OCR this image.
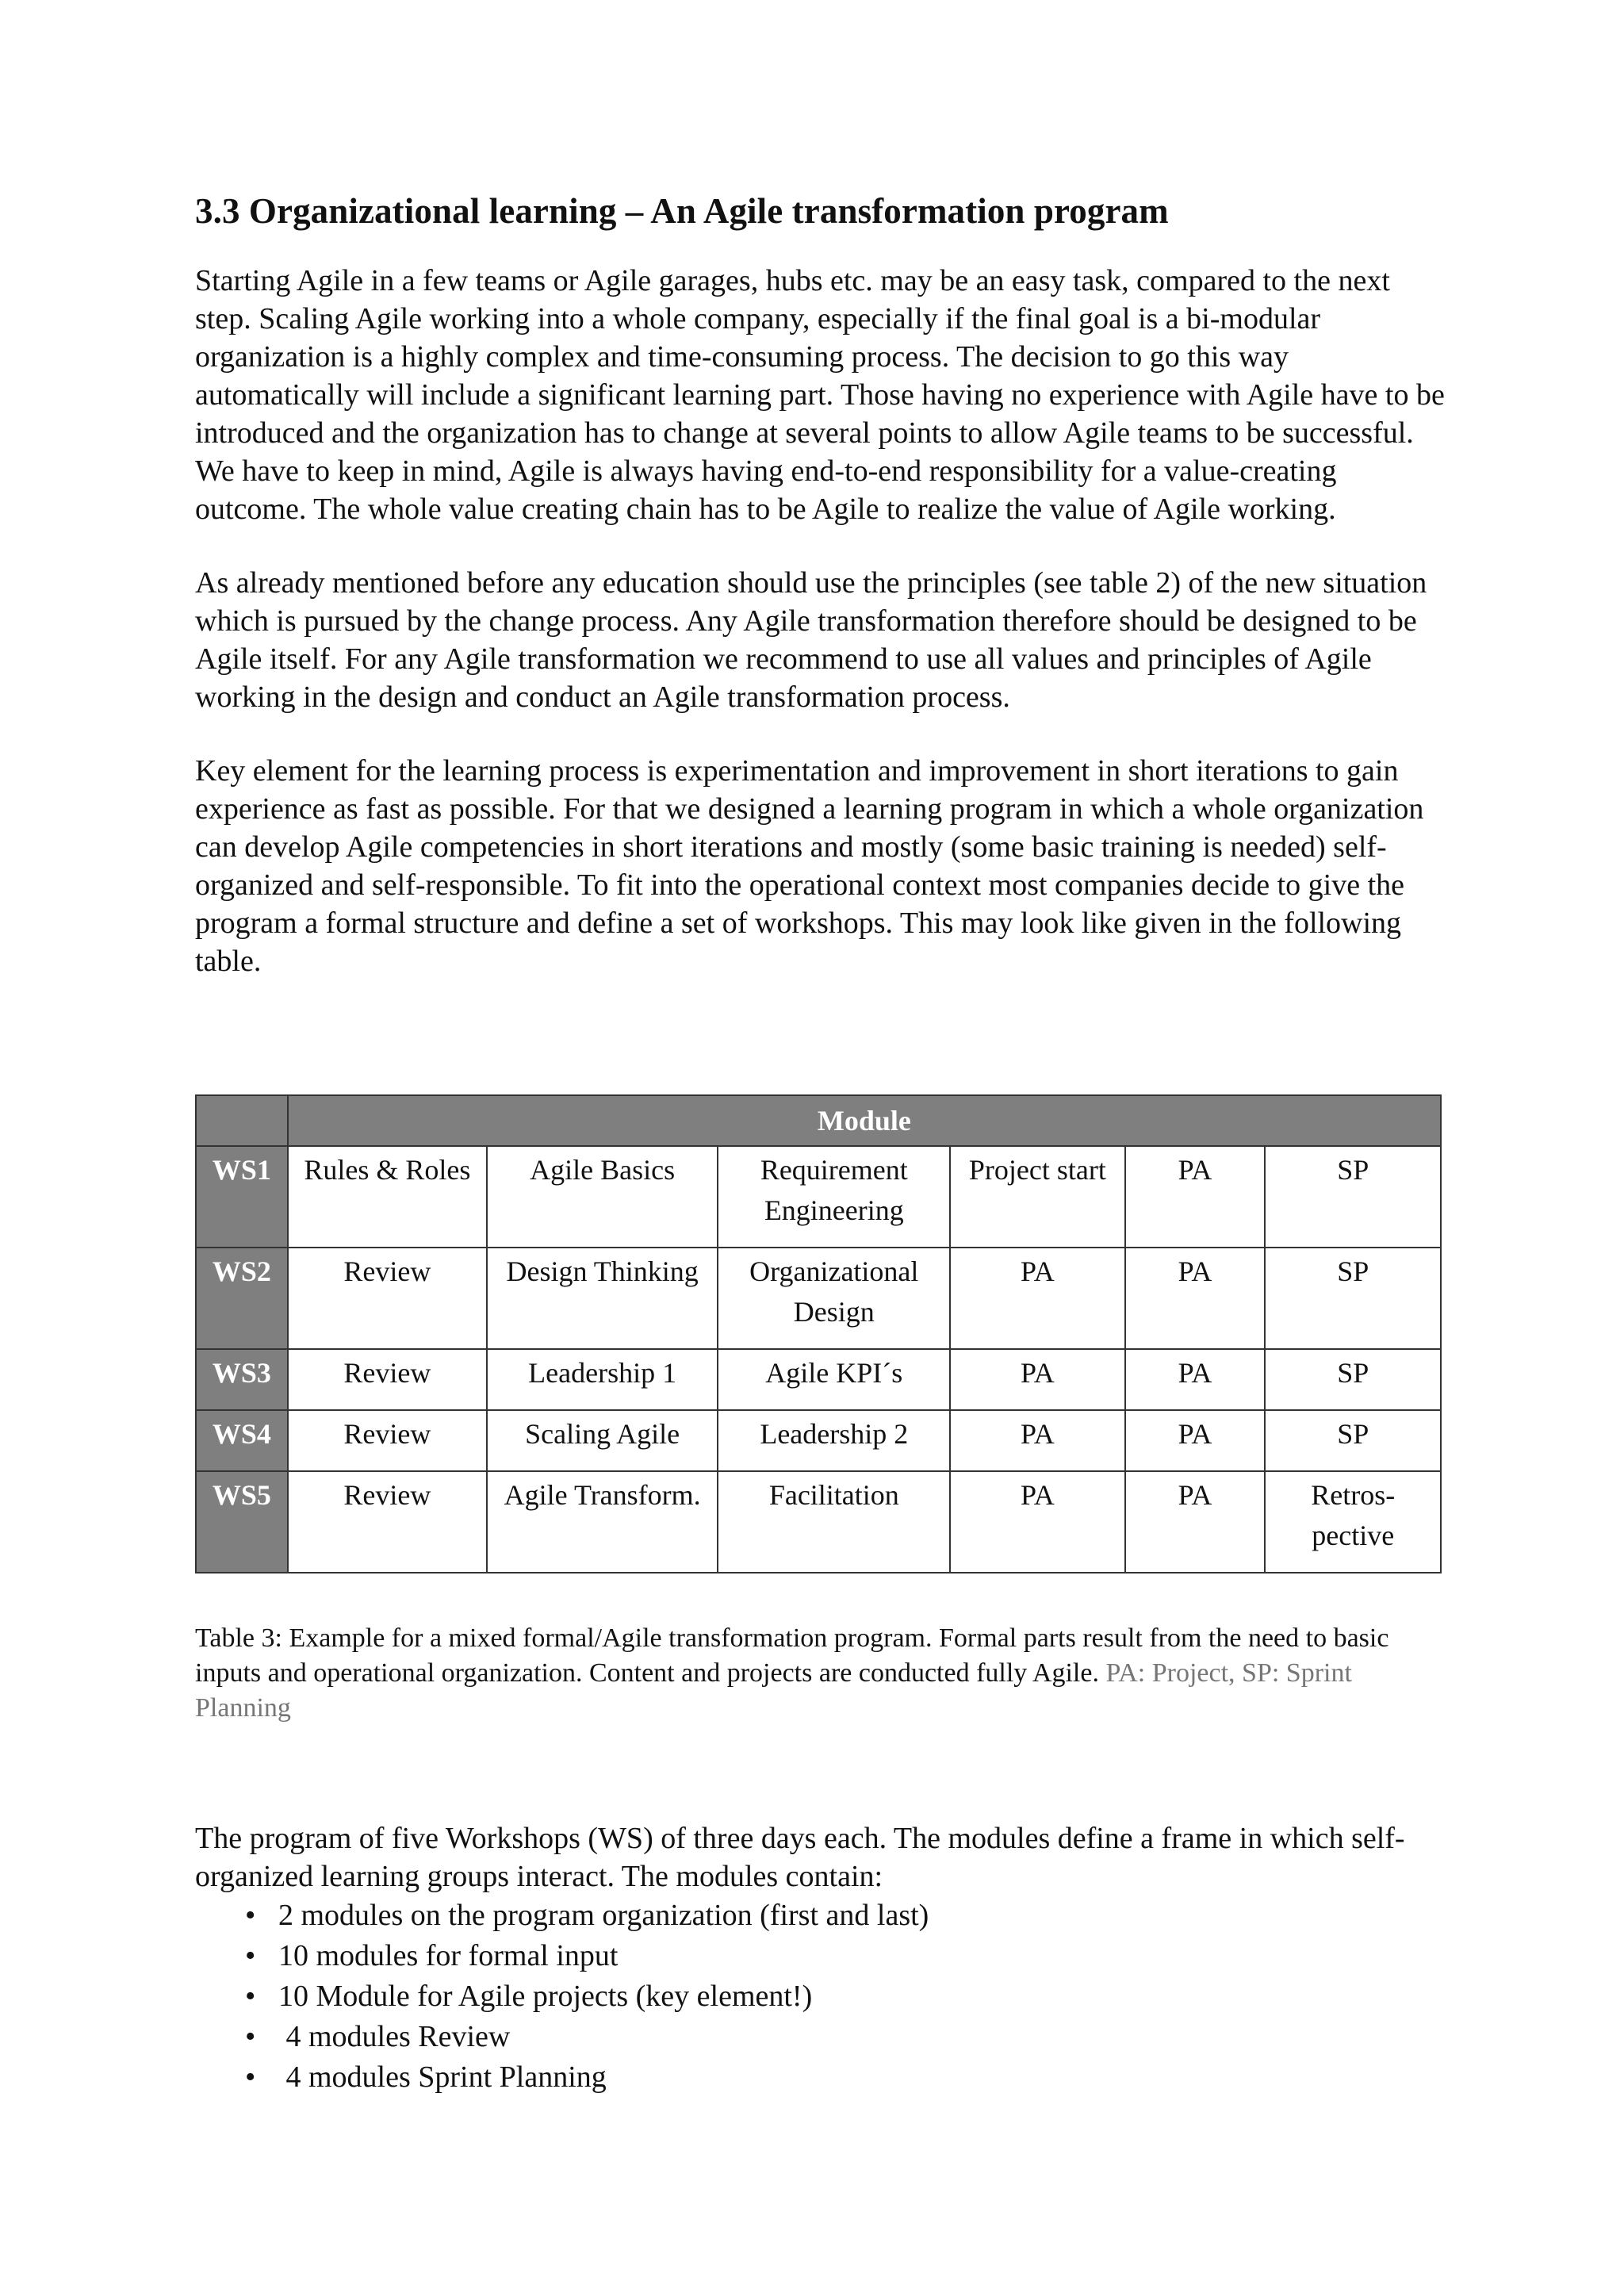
3.3 Organizational learning – An Agile transformation program

Starting Agile in a few teams or Agile garages, hubs etc. may be an easy task, compared to the next step. Scaling Agile working into a whole company, especially if the final goal is a bi-modular organization is a highly complex and time-consuming process. The decision to go this way automatically will include a significant learning part. Those having no experience with Agile have to be introduced and the organization has to change at several points to allow Agile teams to be successful. We have to keep in mind, Agile is always having end-to-end responsibility for a value-creating outcome. The whole value creating chain has to be Agile to realize the value of Agile working.

As already mentioned before any education should use the principles (see table 2) of the new situation which is pursued by the change process. Any Agile transformation therefore should be designed to be Agile itself. For any Agile transformation we recommend to use all values and principles of Agile working in the design and conduct an Agile transformation process.

Key element for the learning process is experimentation and improvement in short iterations to gain experience as fast as possible. For that we designed a learning program in which a whole organization can develop Agile competencies in short iterations and mostly (some basic training is needed) self-organized and self-responsible. To fit into the operational context most companies decide to give the program a formal structure and define a set of workshops. This may look like given in the following table.

	Module					
WS1	Rules & Roles	Agile Basics	Requirement Engineering	Project start	PA	SP
WS2	Review	Design Thinking	Organizational Design	PA	PA	SP
WS3	Review	Leadership 1	Agile KPI´s	PA	PA	SP
WS4	Review	Scaling Agile	Leadership 2	PA	PA	SP
WS5	Review	Agile Transform.	Facilitation	PA	PA	Retros-pective

Table 3: Example for a mixed formal/Agile transformation program. Formal parts result from the need to basic inputs and operational organization. Content and projects are conducted fully Agile. PA: Project, SP: Sprint Planning

The program of five Workshops (WS) of three days each. The modules define a frame in which self-organized learning groups interact. The modules contain:

• 2 modules on the program organization (first and last)
• 10 modules for formal input
• 10 Module for Agile projects (key element!)
• 4 modules Review
• 4 modules Sprint Planning
